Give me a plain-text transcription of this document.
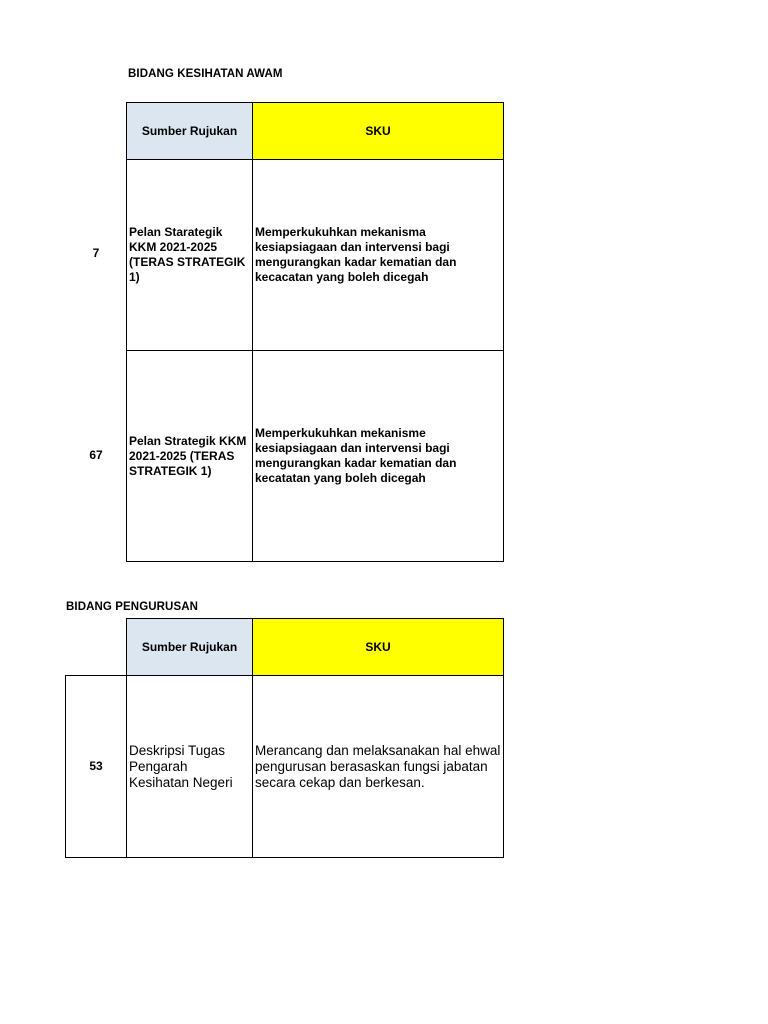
BIDANG KESIHATAN AWAM
Sumber Rujukan	SKU
7
Pelan Starategik KKM 2021-2025 (TERAS STRATEGIK 1)
Memperkukuhkan mekanisma kesiapsiagaan dan intervensi bagi mengurangkan kadar kematian dan kecacatan yang boleh dicegah
67
Pelan Strategik KKM 2021-2025 (TERAS STRATEGIK 1)
Memperkukuhkan mekanisme kesiapsiagaan dan intervensi bagi mengurangkan kadar kematian dan kecatatan yang boleh dicegah
BIDANG PENGURUSAN
Sumber Rujukan	SKU
53
Deskripsi Tugas Pengarah Kesihatan Negeri
Merancang dan melaksanakan hal ehwal pengurusan berasaskan fungsi jabatan secara cekap dan berkesan.
